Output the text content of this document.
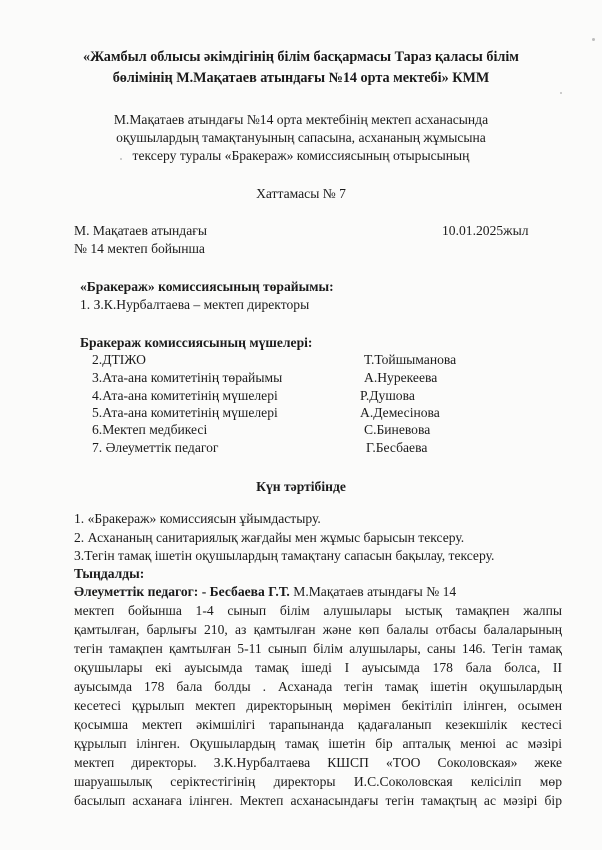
«Жамбыл облысы әкімдігінің білім басқармасы Тараз қаласы білім
бөлімінің М.Мақатаев атындағы №14 орта мектебі» КММ
М.Мақатаев атындағы №14 орта мектебінің мектеп асханасында
оқушылардың тамақтануының сапасына, асхананың жұмысына
тексеру туралы «Бракераж» комиссиясының отырысының
Хаттамасы № 7
М. Мақатаев атындағы
№ 14 мектеп бойынша
10.01.2025жыл
«Бракераж» комиссиясының төрайымы:
1. З.К.Нурбалтаева – мектеп директоры
Бракераж комиссиясының мүшелері:
2.ДТІЖО	Т.Тойшыманова
3.Ата-ана комитетінің төрайымы	А.Нурекеева
4.Ата-ана комитетінің мүшелері	Р.Душова
5.Ата-ана комитетінің мүшелері	А.Демесінова
6.Мектеп медбикесі	С.Биневова
7. Әлеуметтік педагог	Г.Бесбаева
Күн тәртібінде
1. «Бракераж» комиссиясын ұйымдастыру.
2. Асхананың санитариялық жағдайы мен жұмыс барысын тексеру.
3.Тегін тамақ ішетін оқушылардың тамақтану сапасын бақылау, тексеру.
Тыңдалды:
Әлеуметтік педагог: - Бесбаева Г.Т. М.Мақатаев атындағы № 14
мектеп бойынша 1-4 сынып білім алушылары ыстық тамақпен жалпы
қамтылған, барлығы 210, аз қамтылған және көп балалы отбасы балаларының
тегін тамақпен қамтылған 5-11 сынып білім алушылары, саны 146. Тегін тамақ
оқушылары екі ауысымда тамақ ішеді І ауысымда 178 бала болса, ІІ
ауысымда 178 бала болды . Асханада тегін тамақ ішетін оқушылардың
кесетесі құрылып мектеп директорының мөрімен бекітіліп ілінген, осымен
қосымша мектеп әкімшілігі тарапынанда қадағаланып кезекшілік кестесі
құрылып ілінген. Оқушылардың тамақ ішетін бір апталық менюі ас мәзірі
мектеп директоры. З.К.Нурбалтаева КШСП «ТОО Соколовская» жеке
шаруашылық серіктестігінің директоры И.С.Соколовская келісіліп мөр
басылып асханаға ілінген. Мектеп асханасындағы тегін тамақтың ас мәзірі бір
